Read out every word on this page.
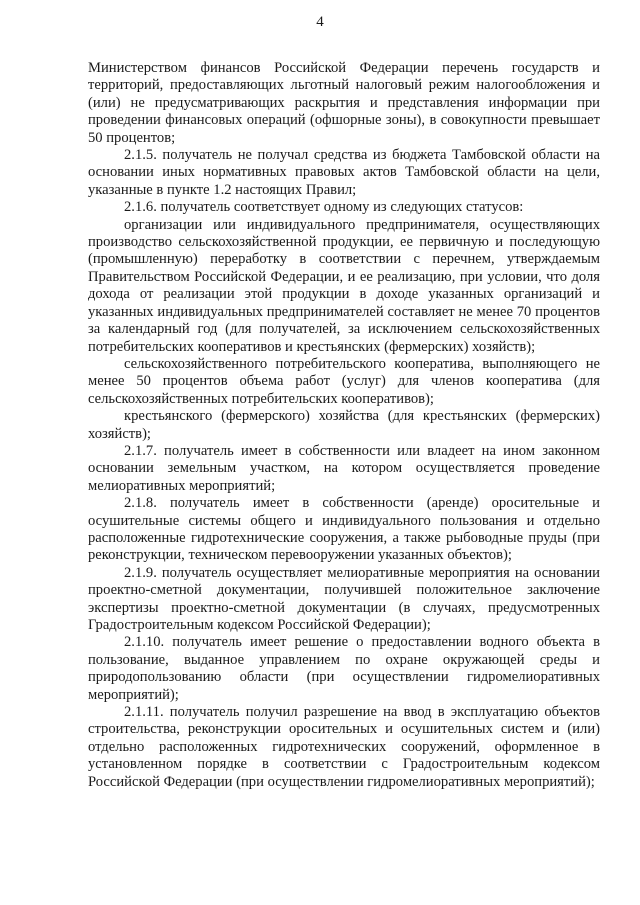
4

Министерством финансов Российской Федерации перечень государств и территорий, предоставляющих льготный налоговый режим налогообложения и (или) не предусматривающих раскрытия и представления информации при проведении финансовых операций (офшорные зоны), в совокупности превышает 50 процентов;

2.1.5. получатель не получал средства из бюджета Тамбовской области на основании иных нормативных правовых актов Тамбовской области на цели, указанные в пункте 1.2 настоящих Правил;

2.1.6. получатель соответствует одному из следующих статусов:

организации или индивидуального предпринимателя, осуществляющих производство сельскохозяйственной продукции, ее первичную и последующую (промышленную) переработку в соответствии с перечнем, утверждаемым Правительством Российской Федерации, и ее реализацию, при условии, что доля дохода от реализации этой продукции в доходе указанных организаций и указанных индивидуальных предпринимателей составляет не менее 70 процентов за календарный год (для получателей, за исключением сельскохозяйственных потребительских кооперативов и крестьянских (фермерских) хозяйств);

сельскохозяйственного потребительского кооператива, выполняющего не менее 50 процентов объема работ (услуг) для членов кооператива (для сельскохозяйственных потребительских кооперативов);

крестьянского (фермерского) хозяйства (для крестьянских (фермерских) хозяйств);

2.1.7. получатель имеет в собственности или владеет на ином законном основании земельным участком, на котором осуществляется проведение мелиоративных мероприятий;

2.1.8. получатель имеет в собственности (аренде) оросительные и осушительные системы общего и индивидуального пользования и отдельно расположенные гидротехнические сооружения, а также рыбоводные пруды (при реконструкции, техническом перевооружении указанных объектов);

2.1.9. получатель осуществляет мелиоративные мероприятия на основании проектно-сметной документации, получившей положительное заключение экспертизы проектно-сметной документации (в случаях, предусмотренных Градостроительным кодексом Российской Федерации);

2.1.10. получатель имеет решение о предоставлении водного объекта в пользование, выданное управлением по охране окружающей среды и природопользованию области (при осуществлении гидромелиоративных мероприятий);

2.1.11. получатель получил разрешение на ввод в эксплуатацию объектов строительства, реконструкции оросительных и осушительных систем и (или) отдельно расположенных гидротехнических сооружений, оформленное в установленном порядке в соответствии с Градостроительным кодексом Российской Федерации (при осуществлении гидромелиоративных мероприятий);
